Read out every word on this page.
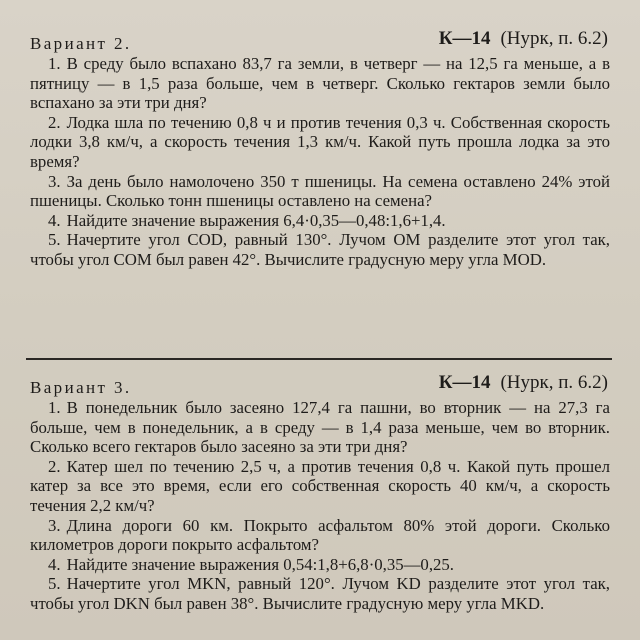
Вариант 2.	К—14 (Нурк, п. 6.2)

1. В среду было вспахано 83,7 га земли, в четверг — на 12,5 га меньше, а в пятницу — в 1,5 раза больше, чем в четверг. Сколько гектаров земли было вспахано за эти три дня?

2. Лодка шла по течению 0,8 ч и против течения 0,3 ч. Собственная скорость лодки 3,8 км/ч, а скорость течения 1,3 км/ч. Какой путь прошла лодка за это время?

3. За день было намолочено 350 т пшеницы. На семена оставлено 24% этой пшеницы. Сколько тонн пшеницы оставлено на семена?

4. Найдите значение выражения 6,4·0,35—0,48:1,6+1,4.

5. Начертите угол COD, равный 130°. Лучом OM разделите этот угол так, чтобы угол COM был равен 42°. Вычислите градусную меру угла MOD.

Вариант 3.	К—14 (Нурк, п. 6.2)

1. В понедельник было засеяно 127,4 га пашни, во вторник — на 27,3 га больше, чем в понедельник, а в среду — в 1,4 раза меньше, чем во вторник. Сколько всего гектаров было засеяно за эти три дня?

2. Катер шел по течению 2,5 ч, а против течения 0,8 ч. Какой путь прошел катер за все это время, если его собственная скорость 40 км/ч, а скорость течения 2,2 км/ч?

3. Длина дороги 60 км. Покрыто асфальтом 80% этой дороги. Сколько километров дороги покрыто асфальтом?

4. Найдите значение выражения 0,54:1,8+6,8·0,35—0,25.

5. Начертите угол MKN, равный 120°. Лучом KD разделите этот угол так, чтобы угол DKN был равен 38°. Вычислите градусную меру угла MKD.
